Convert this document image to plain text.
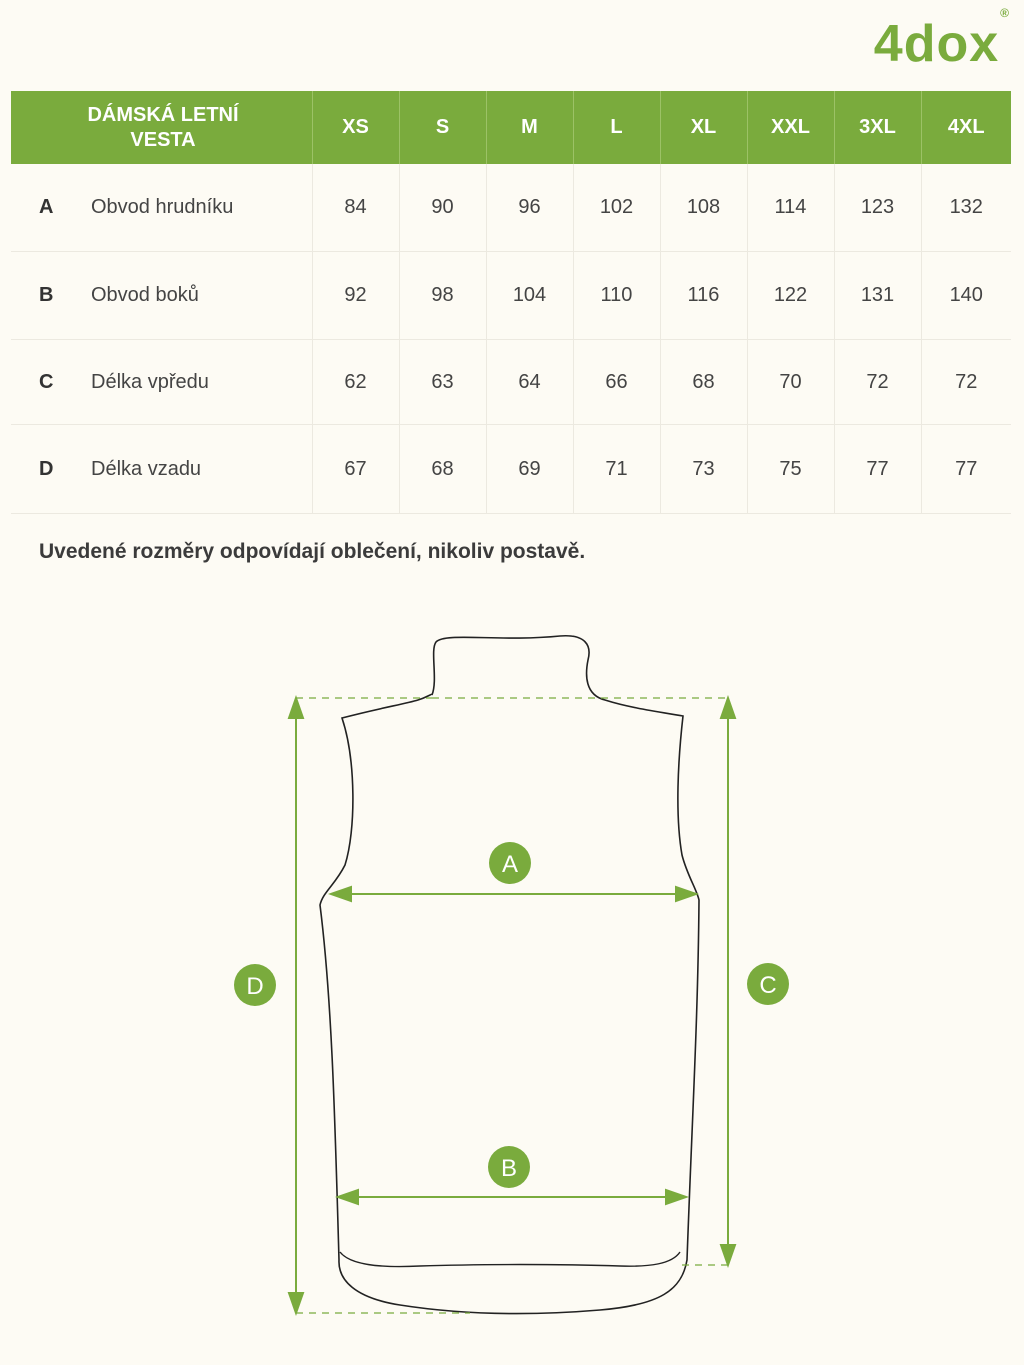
4dox®
DÁMSKÁ LETNÍ VESTA	XS	S	M	L	XL	XXL	3XL	4XL
A Obvod hrudníku	84	90	96	102	108	114	123	132
B Obvod boků	92	98	104	110	116	122	131	140
C Délka vpředu	62	63	64	66	68	70	72	72
D Délka vzadu	67	68	69	71	73	75	77	77
Uvedené rozměry odpovídají oblečení, nikoliv postavě.
A
B
C
D
